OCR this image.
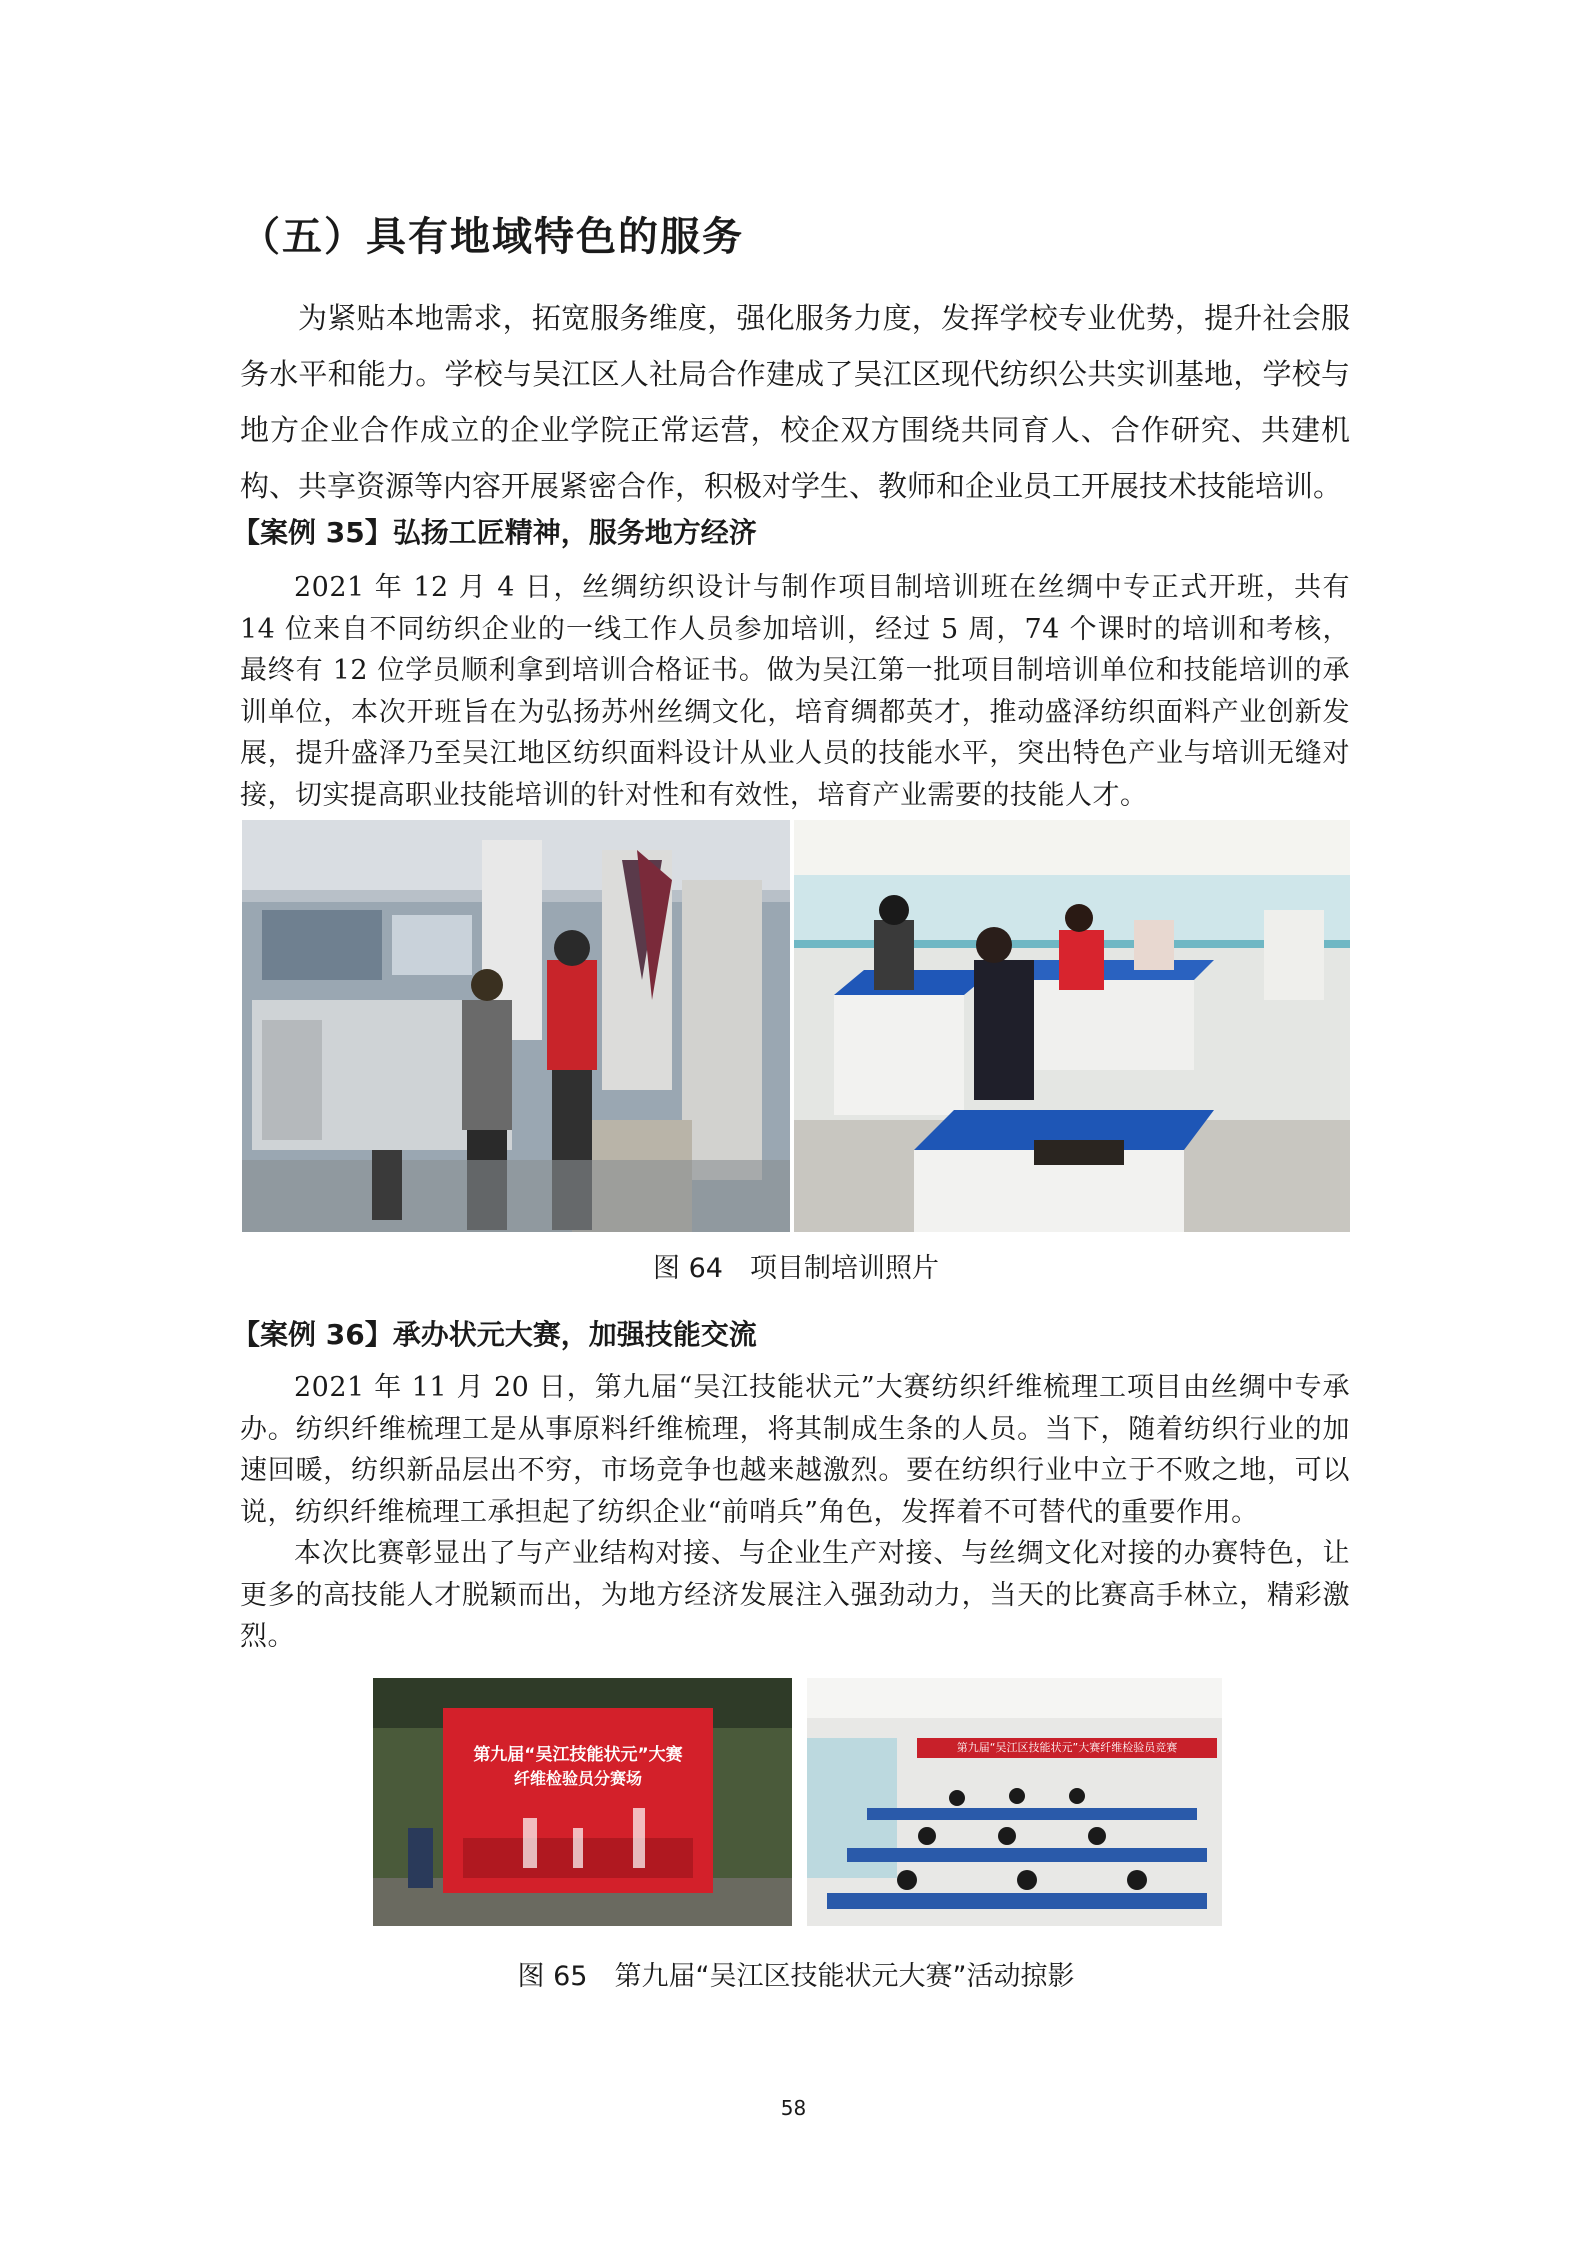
（五）具有地域特色的服务

为紧贴本地需求，拓宽服务维度，强化服务力度，发挥学校专业优势，提升社会服务水平和能力。学校与吴江区人社局合作建成了吴江区现代纺织公共实训基地，学校与地方企业合作成立的企业学院正常运营，校企双方围绕共同育人、合作研究、共建机构、共享资源等内容开展紧密合作，积极对学生、教师和企业员工开展技术技能培训。

【案例 35】弘扬工匠精神，服务地方经济

2021 年 12 月 4 日，丝绸纺织设计与制作项目制培训班在丝绸中专正式开班，共有 14 位来自不同纺织企业的一线工作人员参加培训，经过 5 周，74 个课时的培训和考核，最终有 12 位学员顺利拿到培训合格证书。做为吴江第一批项目制培训单位和技能培训的承训单位，本次开班旨在为弘扬苏州丝绸文化，培育绸都英才，推动盛泽纺织面料产业创新发展，提升盛泽乃至吴江地区纺织面料设计从业人员的技能水平，突出特色产业与培训无缝对接，切实提高职业技能培训的针对性和有效性，培育产业需要的技能人才。

图 64　项目制培训照片
【案例 36】承办状元大赛，加强技能交流

2021 年 11 月 20 日，第九届“吴江技能状元”大赛纺织纤维梳理工项目由丝绸中专承办。纺织纤维梳理工是从事原料纤维梳理，将其制成生条的人员。当下，随着纺织行业的加速回暖，纺织新品层出不穷，市场竞争也越来越激烈。要在纺织行业中立于不败之地，可以说，纺织纤维梳理工承担起了纺织企业“前哨兵”角色，发挥着不可替代的重要作用。

本次比赛彰显出了与产业结构对接、与企业生产对接、与丝绸文化对接的办赛特色，让更多的高技能人才脱颖而出，为地方经济发展注入强劲动力，当天的比赛高手林立，精彩激烈。

第九届“吴江技能状元”大赛
纤维检验员分赛场
第九届“吴江区技能状元”大赛纤维检验员竞赛
图 65　第九届“吴江区技能状元大赛”活动掠影
58
